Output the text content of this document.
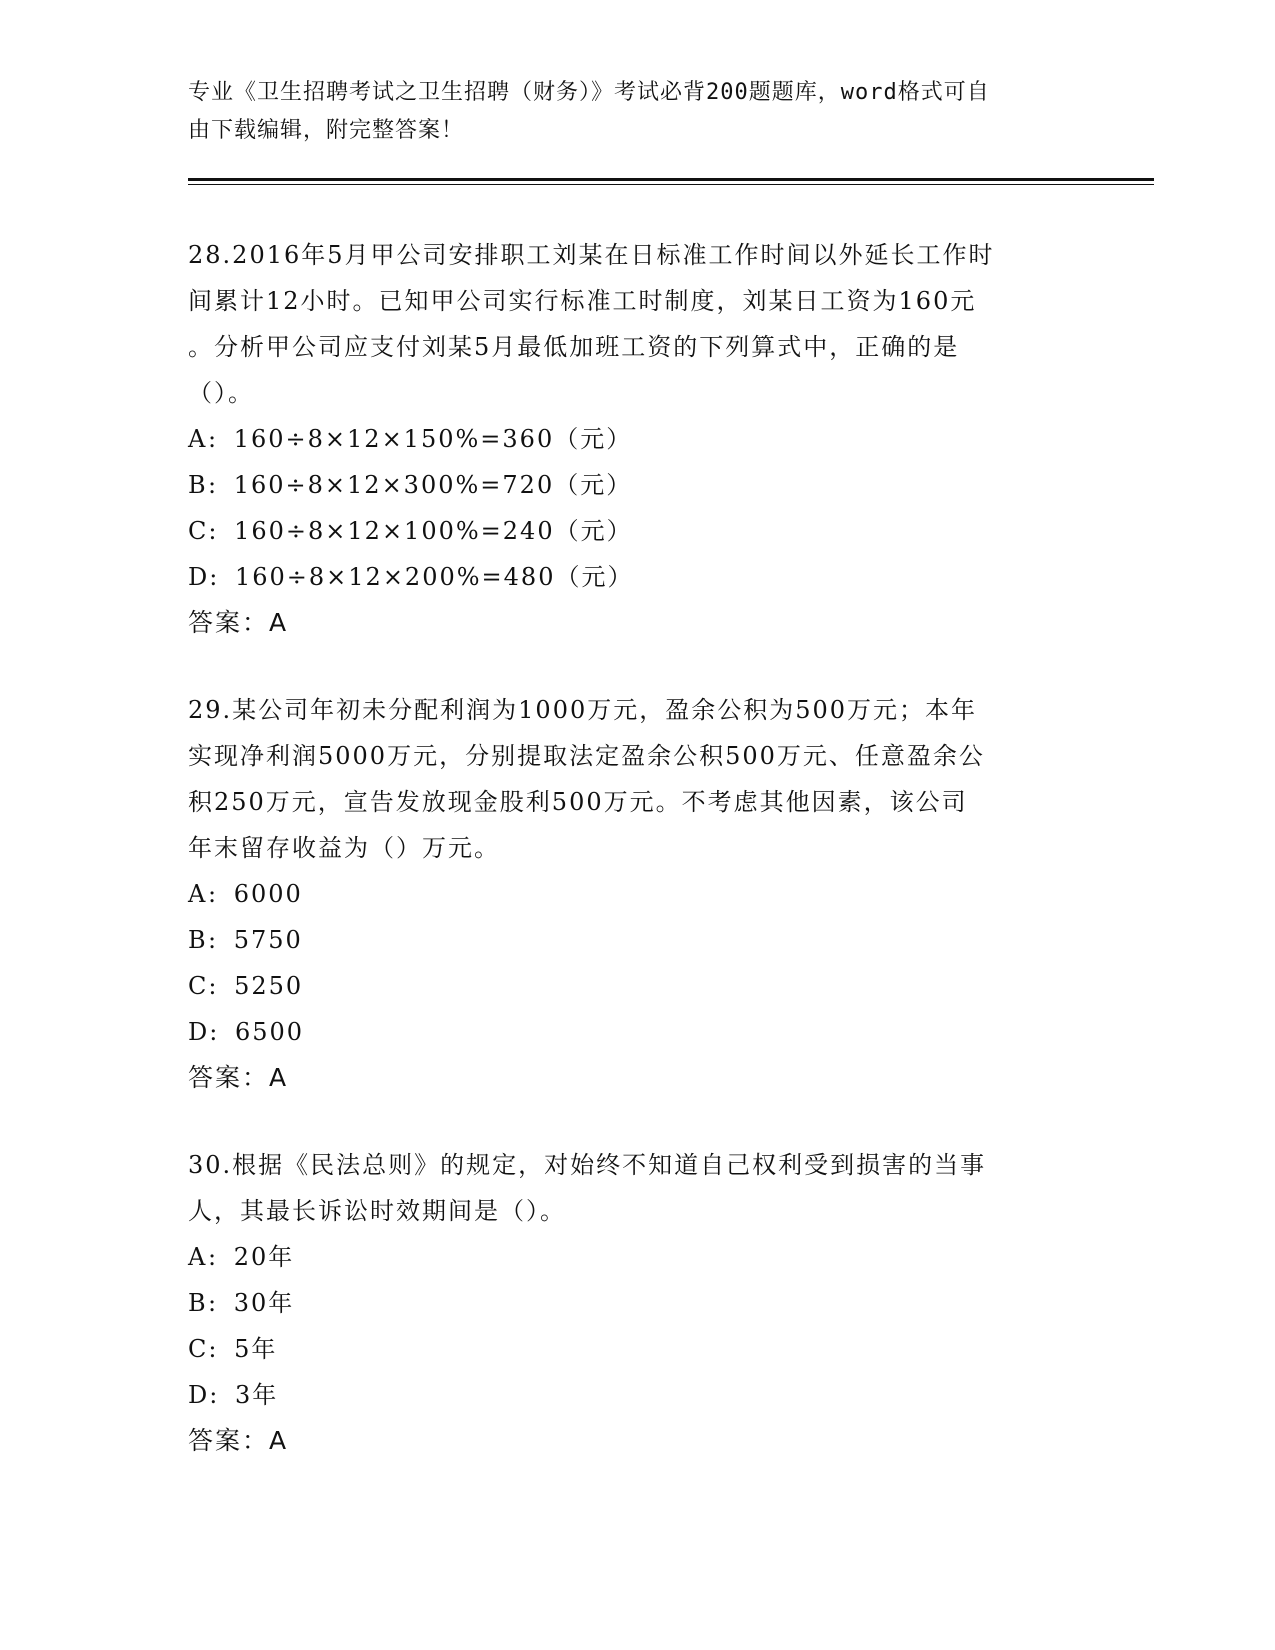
专业《卫生招聘考试之卫生招聘（财务）》考试必背200题题库，word格式可自
由下载编辑，附完整答案！
28.2016年5月甲公司安排职工刘某在日标准工作时间以外延长工作时
间累计12小时。已知甲公司实行标准工时制度，刘某日工资为160元
。分析甲公司应支付刘某5月最低加班工资的下列算式中，正确的是
（）。
A: 160÷8×12×150%=360（元）
B: 160÷8×12×300%=720（元）
C: 160÷8×12×100%=240（元）
D: 160÷8×12×200%=480（元）
答案：A
29.某公司年初未分配利润为1000万元，盈余公积为500万元；本年
实现净利润5000万元，分别提取法定盈余公积500万元、任意盈余公
积250万元，宣告发放现金股利500万元。不考虑其他因素，该公司
年末留存收益为（）万元。
A: 6000
B: 5750
C: 5250
D: 6500
答案：A
30.根据《民法总则》的规定，对始终不知道自己权利受到损害的当事
人，其最长诉讼时效期间是（）。
A: 20年
B: 30年
C: 5年
D: 3年
答案：A
